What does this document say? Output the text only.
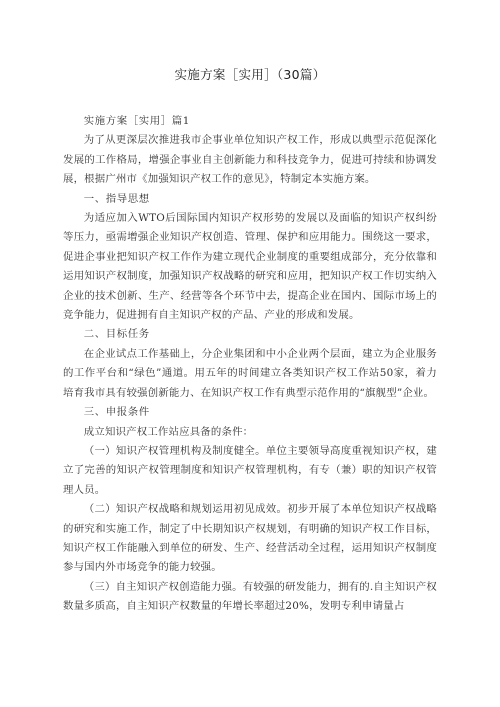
实施方案［实用］（30篇）

实施方案［实用］篇1

为了从更深层次推进我市企事业单位知识产权工作，形成以典型示范促深化发展的工作格局，增强企事业自主创新能力和科技竞争力，促进可持续和协调发展，根据广州市《加强知识产权工作的意见》，特制定本实施方案。

一、指导思想

为适应加入WTO后国际国内知识产权形势的发展以及面临的知识产权纠纷等压力，亟需增强企业知识产权创造、管理、保护和应用能力。围绕这一要求，促进企事业把知识产权工作作为建立现代企业制度的重要组成部分，充分依靠和运用知识产权制度，加强知识产权战略的研究和应用，把知识产权工作切实纳入企业的技术创新、生产、经营等各个环节中去，提高企业在国内、国际市场上的竞争能力，促进拥有自主知识产权的产品、产业的形成和发展。

二、目标任务

在企业试点工作基础上，分企业集团和中小企业两个层面，建立为企业服务的工作平台和“绿色”通道。用五年的时间建立各类知识产权工作站50家，着力培育我市具有较强创新能力、在知识产权工作有典型示范作用的“旗舰型”企业。

三、申报条件

成立知识产权工作站应具备的条件：

（一）知识产权管理机构及制度健全。单位主要领导高度重视知识产权，建立了完善的知识产权管理制度和知识产权管理机构，有专（兼）职的知识产权管理人员。

（二）知识产权战略和规划运用初见成效。初步开展了本单位知识产权战略的研究和实施工作，制定了中长期知识产权规划，有明确的知识产权工作目标，知识产权工作能融入到单位的研发、生产、经营活动全过程，运用知识产权制度参与国内外市场竞争的能力较强。

（三）自主知识产权创造能力强。有较强的研发能力，拥有的.自主知识产权数量多质高，自主知识产权数量的年增长率超过20%，发明专利申请量占
